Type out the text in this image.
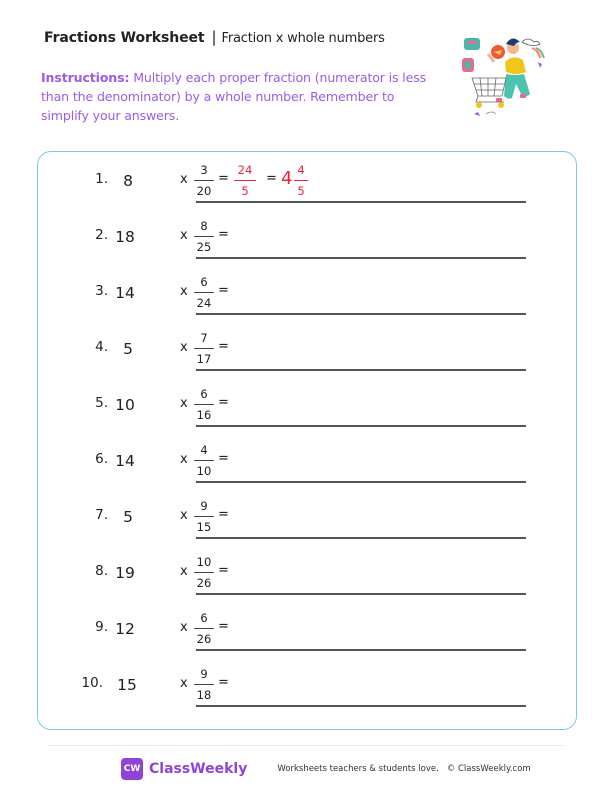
Fractions Worksheet | Fraction x whole numbers
Instructions: Multiply each proper fraction (numerator is less than the denominator) by a whole number. Remember to simplify your answers.
1. 8	x
3
20
=
24
5
= 4 4
5
2. 18	x
8
25
=
3. 14	x
6
24
=
4. 5	x
7
17
=
5. 10	x
6
16
=
6. 14	x
4
10
=
7. 5	x
9
15
=
8. 19	x
10
26
=
9. 12	x
6
26
=
10. 15	x
9
18
=
CW ClassWeekly	Worksheets teachers & students love. © ClassWeekly.com
